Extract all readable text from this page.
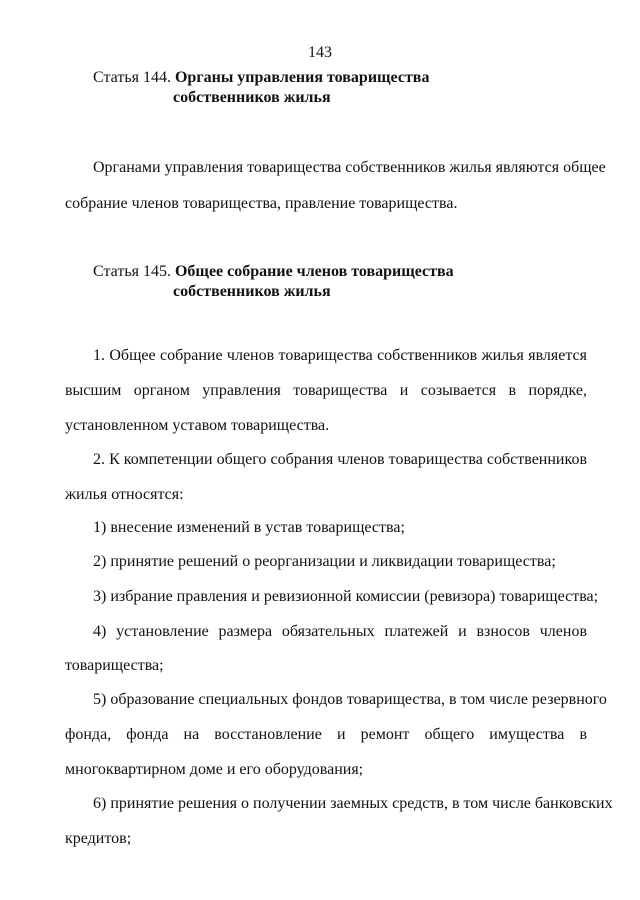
143
Статья 144. Органы управления товарищества
собственников жилья
Органами управления товарищества собственников жилья являются общее
собрание членов товарищества, правление товарищества.
Статья 145. Общее собрание членов товарищества
собственников жилья
1. Общее собрание членов товарищества собственников жилья является
высшим органом управления товарищества и созывается в порядке,
установленном уставом товарищества.
2. К компетенции общего собрания членов товарищества собственников
жилья относятся:
1) внесение изменений в устав товарищества;
2) принятие решений о реорганизации и ликвидации товарищества;
3) избрание правления и ревизионной комиссии (ревизора) товарищества;
4) установление размера обязательных платежей и взносов членов
товарищества;
5) образование специальных фондов товарищества, в том числе резервного
фонда, фонда на восстановление и ремонт общего имущества в
многоквартирном доме и его оборудования;
6) принятие решения о получении заемных средств, в том числе банковских
кредитов;
